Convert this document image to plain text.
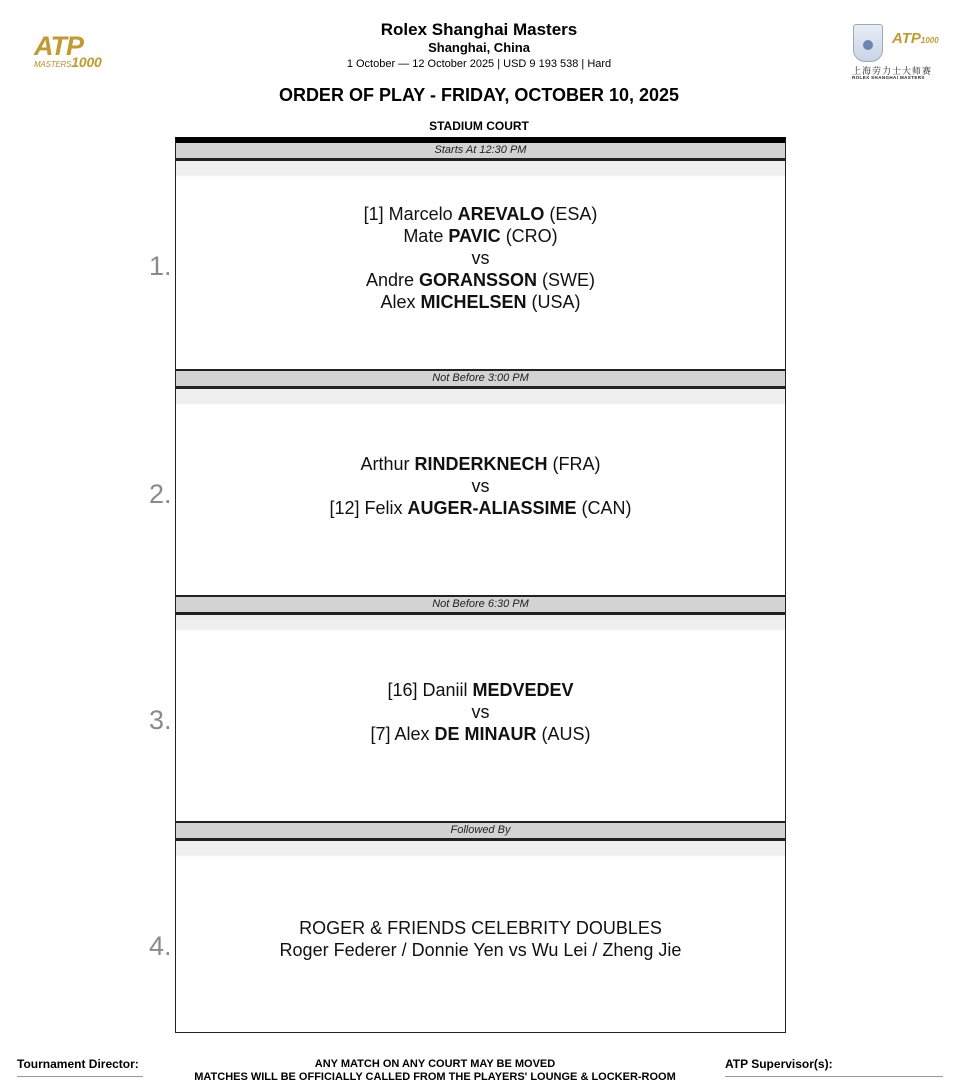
ATP
MASTERS1000
ATP1000
上海劳力士大师赛
ROLEX SHANGHAI MASTERS
Rolex Shanghai Masters
Shanghai, China
1 October — 12 October 2025 | USD 9 193 538 | Hard
ORDER OF PLAY - FRIDAY, OCTOBER 10, 2025
STADIUM COURT
Starts At 12:30 PM
1.
[1] Marcelo AREVALO (ESA)
Mate PAVIC (CRO)
vs
Andre GORANSSON (SWE)
Alex MICHELSEN (USA)
Not Before 3:00 PM
2.
Arthur RINDERKNECH (FRA)
vs
[12] Felix AUGER-ALIASSIME (CAN)
Not Before 6:30 PM
3.
[16] Daniil MEDVEDEV
vs
[7] Alex DE MINAUR (AUS)
Followed By
4.
ROGER & FRIENDS CELEBRITY DOUBLES
Roger Federer / Donnie Yen vs Wu Lei / Zheng Jie
Tournament Director:	ANY MATCH ON ANY COURT MAY BE MOVED
MATCHES WILL BE OFFICIALLY CALLED FROM THE PLAYERS' LOUNGE & LOCKER-ROOM
ATP Supervisor(s):
